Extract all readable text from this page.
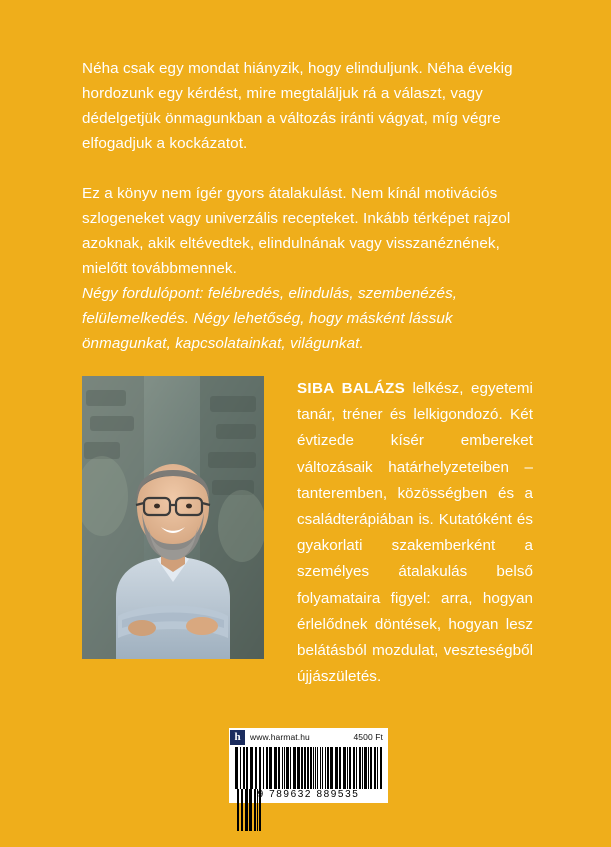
Néha csak egy mondat hiányzik, hogy elinduljunk. Néha évekig hordozunk egy kérdést, mire megtaláljuk rá a választ, vagy dédelgetjük önmagunkban a változás iránti vágyat, míg végre elfogadjuk a kockázatot.

Ez a könyv nem ígér gyors átalakulást. Nem kínál motivációs szlogeneket vagy univerzális recepteket. Inkább térképet rajzol azoknak, akik eltévedtek, elindulnának vagy visszanéznének, mielőtt továbbmennek.

Négy fordulópont: felébredés, elindulás, szembenézés, felülemelkedés. Négy lehetőség, hogy másként lássuk önmagunkat, kapcsolatainkat, világunkat.

SIBA BALÁZS lelkész, egyetemi tanár, tréner és lelkigondozó. Két évtizede kísér embereket változásaik határhelyzeteiben – tanteremben, közösségben és a családterápiában is. Kutatóként és gyakorlati szakemberként a személyes átalakulás belső folyamataira figyel: arra, hogyan érlelődnek döntések, hogyan lesz belátásból mozdulat, veszteségből újjászületés.
h	www.harmat.hu	4500 Ft
9 789632 889535
